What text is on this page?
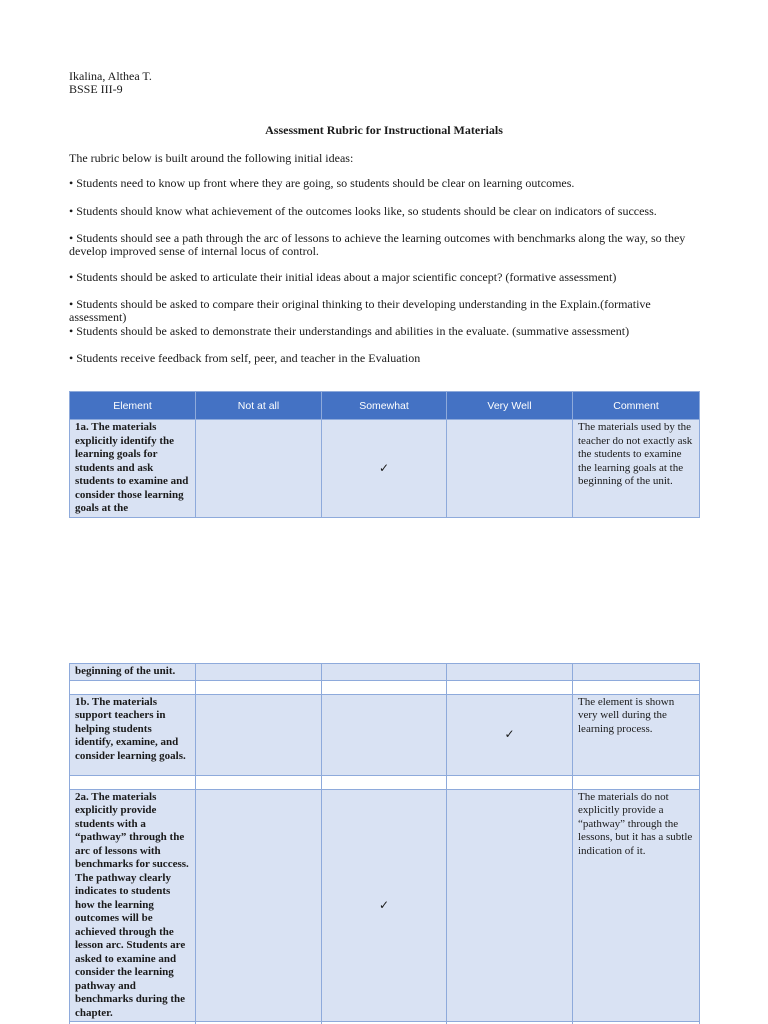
Ikalina, Althea T.
BSSE III-9
Assessment Rubric for Instructional Materials
The rubric below is built around the following initial ideas:
• Students need to know up front where they are going, so students should be clear on learning outcomes.
• Students should know what achievement of the outcomes looks like, so students should be clear on indicators of success.
• Students should see a path through the arc of lessons to achieve the learning outcomes with benchmarks along the way, so they develop improved sense of internal locus of control.
• Students should be asked to articulate their initial ideas about a major scientific concept? (formative assessment)
• Students should be asked to compare their original thinking to their developing understanding in the Explain.(formative assessment)
• Students should be asked to demonstrate their understandings and abilities in the evaluate. (summative assessment)
• Students receive feedback from self, peer, and teacher in the Evaluation
Element	Not at all	Somewhat	Very Well	Comment
1a. The materials explicitly identify the learning goals for students and ask students to examine and consider those learning goals at the		✓		The materials used by the teacher do not exactly ask the students to examine the learning goals at the beginning of the unit.
beginning of the unit.				

1b. The materials support teachers in helping students identify, examine, and consider learning goals.			✓	The element is shown very well during the learning process.

2a. The materials explicitly provide students with a “pathway” through the arc of lessons with benchmarks for success. The pathway clearly indicates to students how the learning outcomes will be achieved through the lesson arc. Students are asked to examine and consider the learning pathway and benchmarks during the chapter.		✓		The materials do not explicitly provide a “pathway” through the lessons, but it has a subtle indication of it.
